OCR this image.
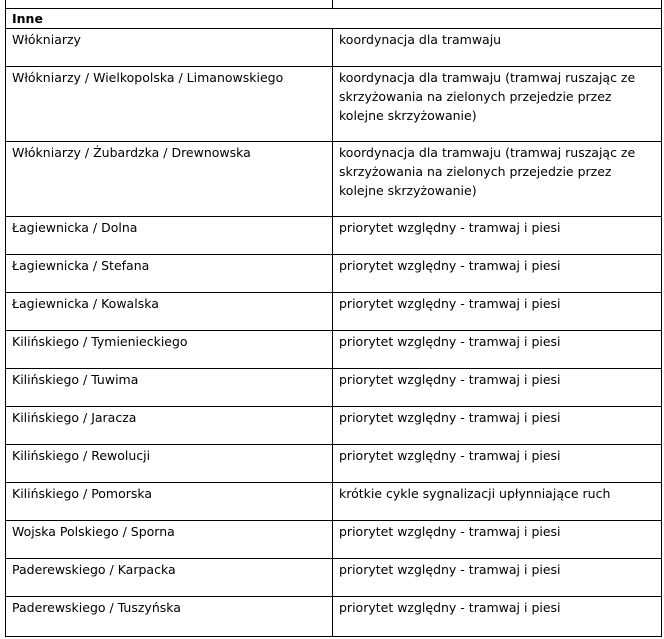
Inne	

Włókniarzy	koordynacja dla tramwaju

Włókniarzy / Wielkopolska / Limanowskiego	koordynacja dla tramwaju (tramwaj ruszając ze skrzyżowania na zielonych przejedzie przez kolejne skrzyżowanie)

Włókniarzy / Żubardzka / Drewnowska	koordynacja dla tramwaju (tramwaj ruszając ze skrzyżowania na zielonych przejedzie przez kolejne skrzyżowanie)

Łagiewnicka / Dolna	priorytet względny - tramwaj i piesi

Łagiewnicka / Stefana	priorytet względny - tramwaj i piesi

Łagiewnicka / Kowalska	priorytet względny - tramwaj i piesi

Kilińskiego / Tymienieckiego	priorytet względny - tramwaj i piesi

Kilińskiego / Tuwima	priorytet względny - tramwaj i piesi

Kilińskiego / Jaracza	priorytet względny - tramwaj i piesi

Kilińskiego / Rewolucji	priorytet względny - tramwaj i piesi

Kilińskiego / Pomorska	krótkie cykle sygnalizacji upłynniające ruch

Wojska Polskiego / Sporna	priorytet względny - tramwaj i piesi

Paderewskiego / Karpacka	priorytet względny - tramwaj i piesi

Paderewskiego / Tuszyńska	priorytet względny - tramwaj i piesi
